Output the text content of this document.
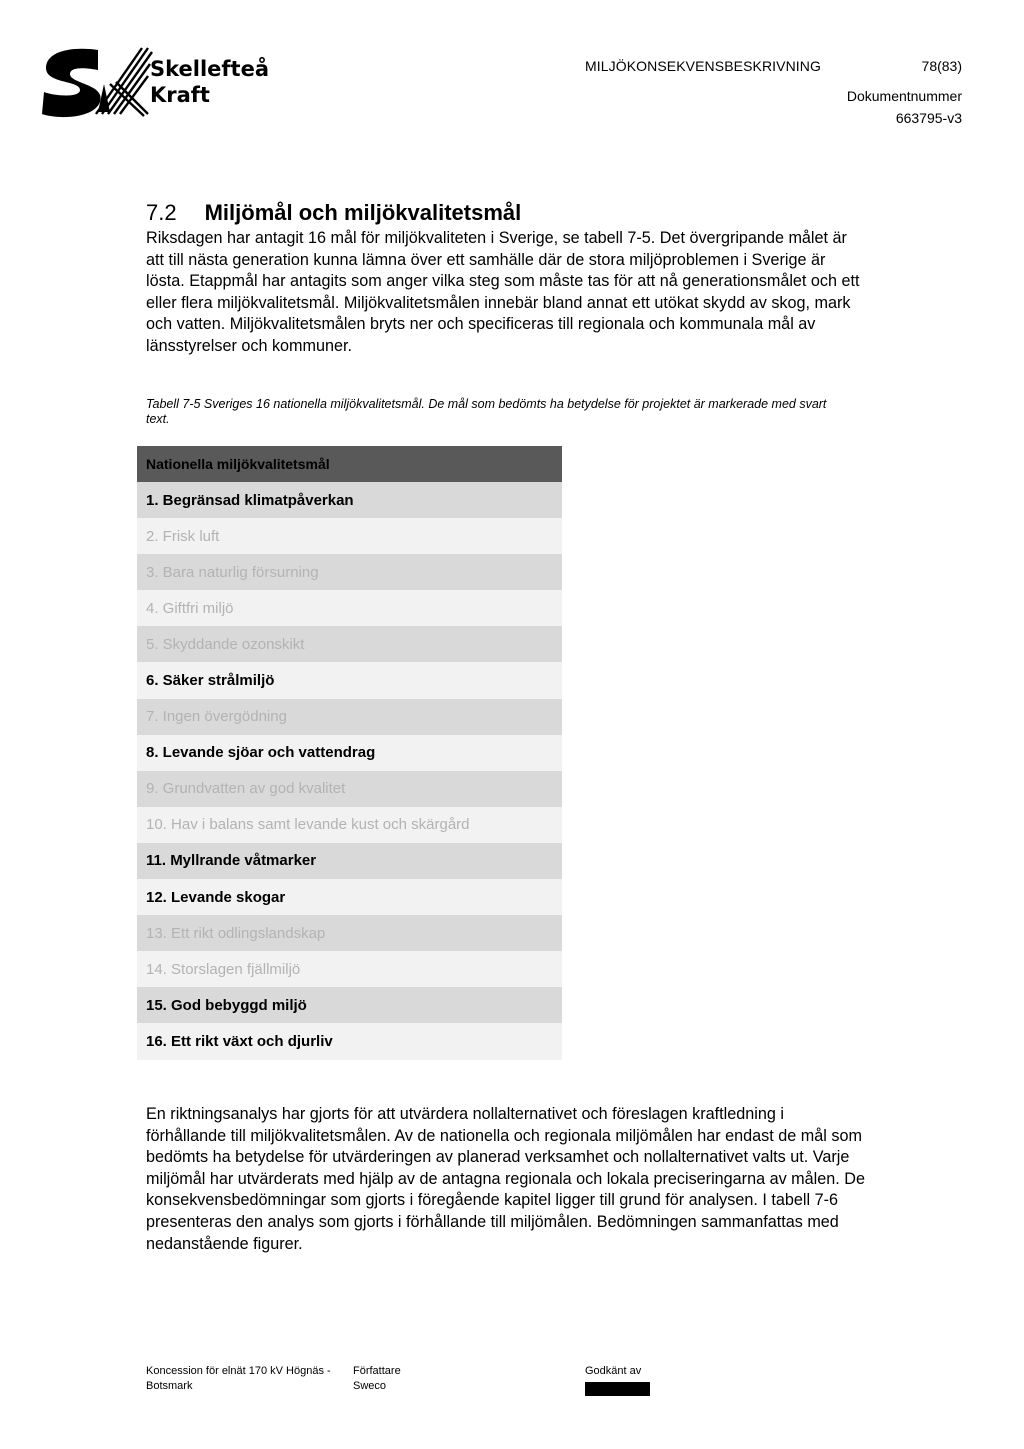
Skellefteå
Kraft
MILJÖKONSEKVENSBESKRIVNING	78(83)
Dokumentnummer
663795-v3
7.2 Miljömål och miljökvalitetsmål

Riksdagen har antagit 16 mål för miljökvaliteten i Sverige, se tabell 7-5. Det övergripande målet är att till nästa generation kunna lämna över ett samhälle där de stora miljöproblemen i Sverige är lösta. Etappmål har antagits som anger vilka steg som måste tas för att nå generationsmålet och ett eller flera miljökvalitetsmål. Miljökvalitetsmålen innebär bland annat ett utökat skydd av skog, mark och vatten. Miljökvalitetsmålen bryts ner och specificeras till regionala och kommunala mål av länsstyrelser och kommuner.

Tabell 7-5 Sveriges 16 nationella miljökvalitetsmål. De mål som bedömts ha betydelse för projektet är markerade med svart text.

Nationella miljökvalitetsmål
1. Begränsad klimatpåverkan
2. Frisk luft
3. Bara naturlig försurning
4. Giftfri miljö
5. Skyddande ozonskikt
6. Säker strålmiljö
7. Ingen övergödning
8. Levande sjöar och vattendrag
9. Grundvatten av god kvalitet
10. Hav i balans samt levande kust och skärgård
11. Myllrande våtmarker
12. Levande skogar
13. Ett rikt odlingslandskap
14. Storslagen fjällmiljö
15. God bebyggd miljö
16. Ett rikt växt och djurliv

En riktningsanalys har gjorts för att utvärdera nollalternativet och föreslagen kraftledning i förhållande till miljökvalitetsmålen. Av de nationella och regionala miljömålen har endast de mål som bedömts ha betydelse för utvärderingen av planerad verksamhet och nollalternativet valts ut. Varje miljömål har utvärderats med hjälp av de antagna regionala och lokala preciseringarna av målen. De konsekvensbedömningar som gjorts i föregående kapitel ligger till grund för analysen. I tabell 7-6 presenteras den analys som gjorts i förhållande till miljömålen. Bedömningen sammanfattas med nedanstående figurer.

Koncession för elnät 170 kV Högnäs - Botsmark
Författare
Sweco
Godkänt av
